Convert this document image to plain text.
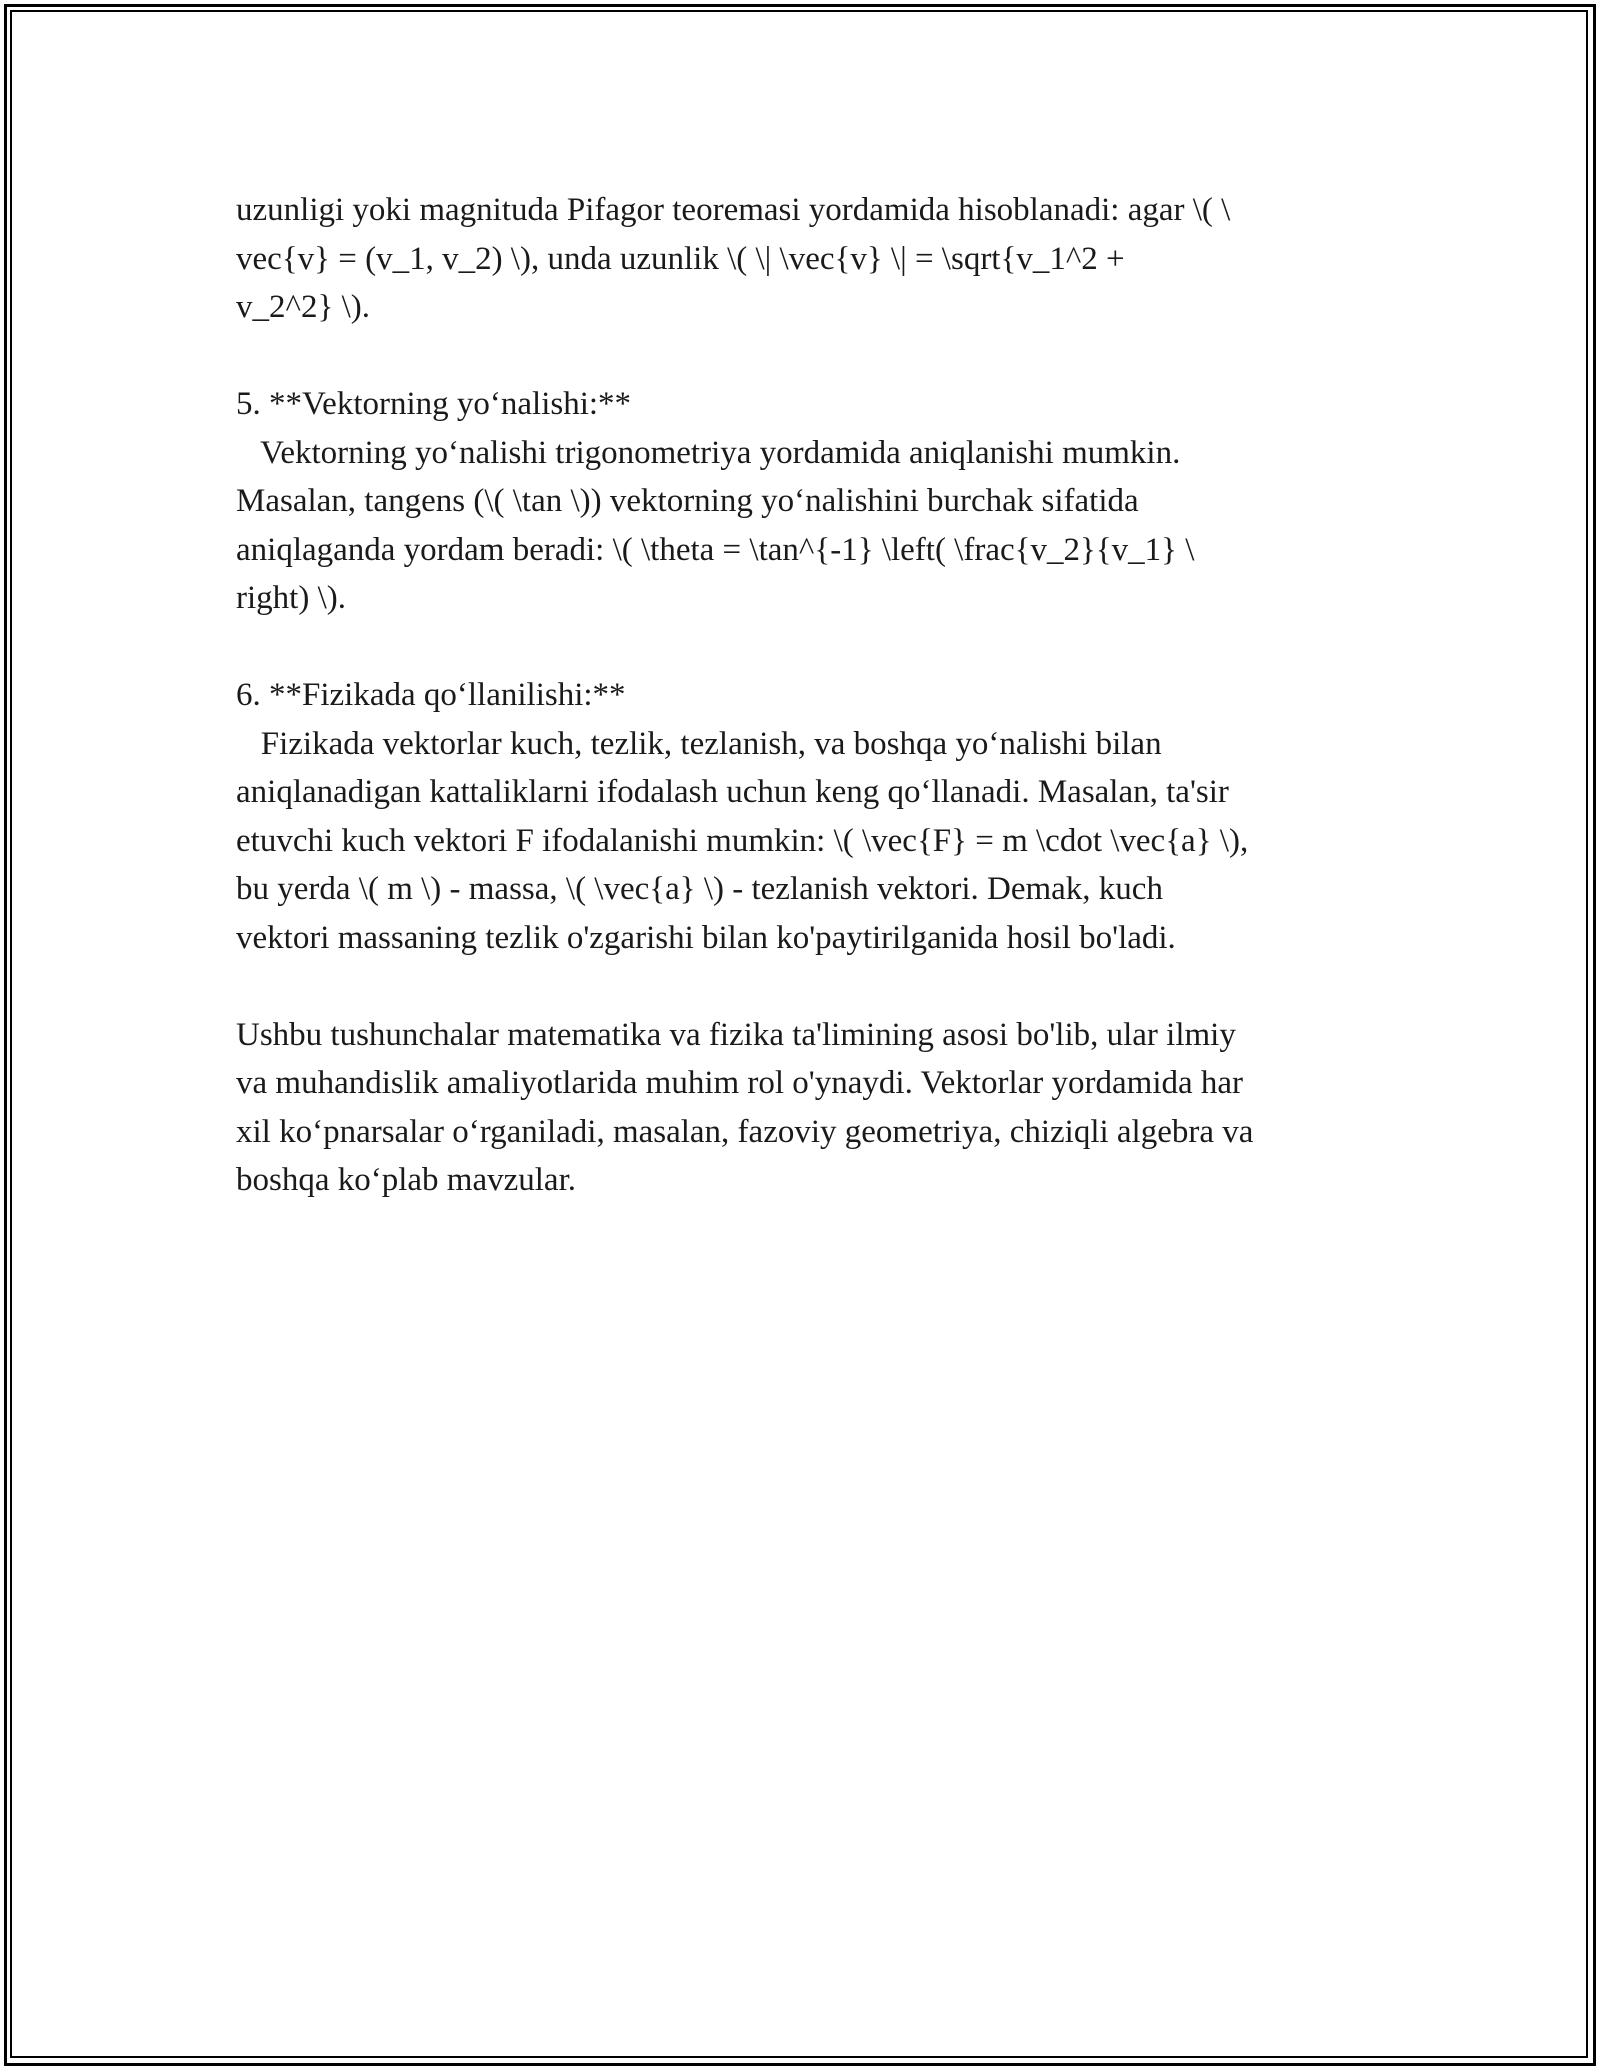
uzunligi yoki magnituda Pifagor teoremasi yordamida hisoblanadi: agar \( \
vec{v} = (v_1, v_2) \), unda uzunlik \( \| \vec{v} \| = \sqrt{v_1^2 +
v_2^2} \).
5. **Vektorning yo‘nalishi:**
Vektorning yo‘nalishi trigonometriya yordamida aniqlanishi mumkin.
Masalan, tangens (\( \tan \)) vektorning yo‘nalishini burchak sifatida
aniqlaganda yordam beradi: \( \theta = \tan^{-1} \left( \frac{v_2}{v_1} \
right) \).
6. **Fizikada qo‘llanilishi:**
Fizikada vektorlar kuch, tezlik, tezlanish, va boshqa yo‘nalishi bilan
aniqlanadigan kattaliklarni ifodalash uchun keng qo‘llanadi. Masalan, ta'sir
etuvchi kuch vektori F ifodalanishi mumkin: \( \vec{F} = m \cdot \vec{a} \),
bu yerda \( m \) - massa, \( \vec{a} \) - tezlanish vektori. Demak, kuch
vektori massaning tezlik o'zgarishi bilan ko'paytirilganida hosil bo'ladi.
Ushbu tushunchalar matematika va fizika ta'limining asosi bo'lib, ular ilmiy
va muhandislik amaliyotlarida muhim rol o'ynaydi. Vektorlar yordamida har
xil ko‘pnarsalar o‘rganiladi, masalan, fazoviy geometriya, chiziqli algebra va
boshqa ko‘plab mavzular.
